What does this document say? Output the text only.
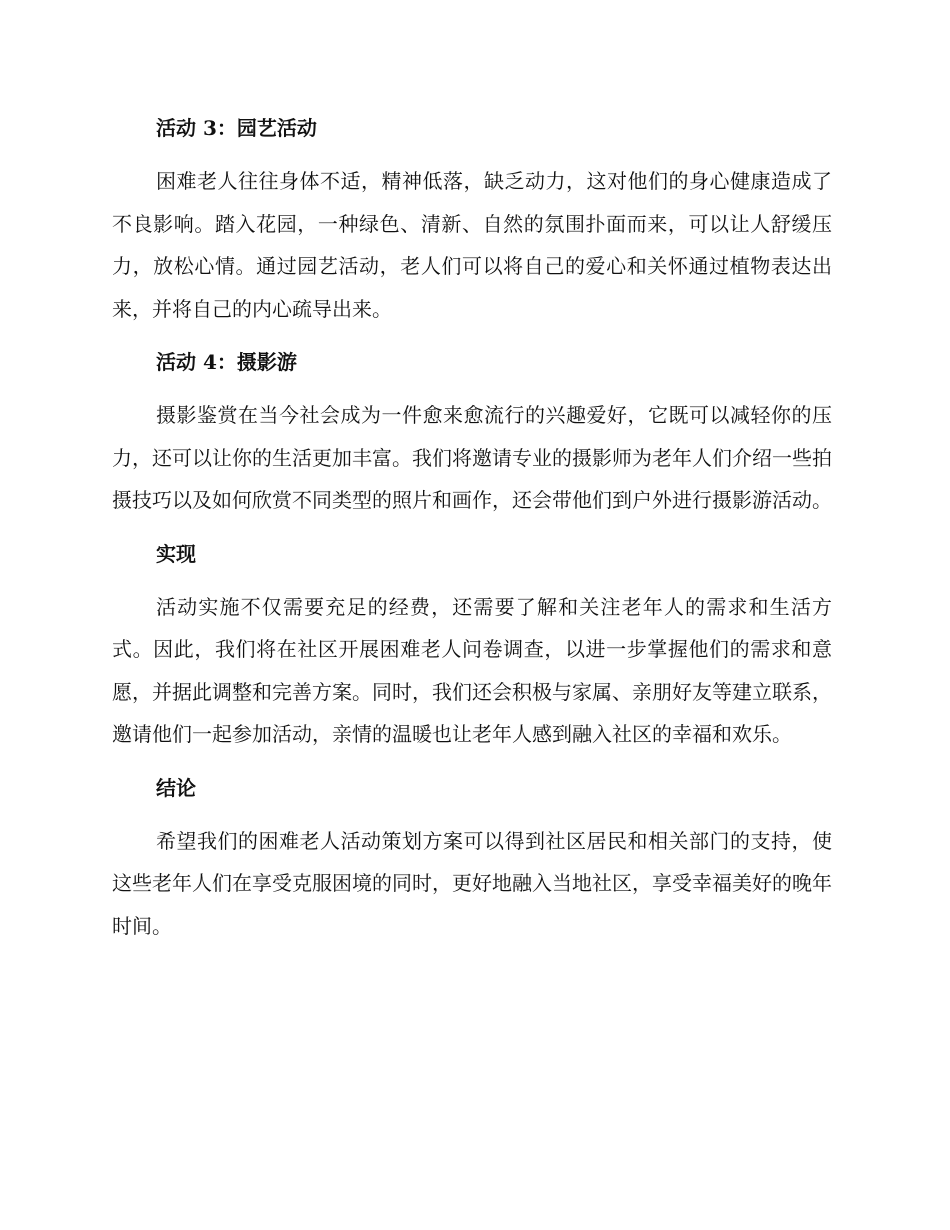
活动 3：园艺活动

困难老人往往身体不适，精神低落，缺乏动力，这对他们的身心健康造成了不良影响。踏入花园，一种绿色、清新、自然的氛围扑面而来，可以让人舒缓压力，放松心情。通过园艺活动，老人们可以将自己的爱心和关怀通过植物表达出来，并将自己的内心疏导出来。

活动 4：摄影游

摄影鉴赏在当今社会成为一件愈来愈流行的兴趣爱好，它既可以减轻你的压力，还可以让你的生活更加丰富。我们将邀请专业的摄影师为老年人们介绍一些拍摄技巧以及如何欣赏不同类型的照片和画作，还会带他们到户外进行摄影游活动。

实现

活动实施不仅需要充足的经费，还需要了解和关注老年人的需求和生活方式。因此，我们将在社区开展困难老人问卷调查，以进一步掌握他们的需求和意愿，并据此调整和完善方案。同时，我们还会积极与家属、亲朋好友等建立联系，邀请他们一起参加活动，亲情的温暖也让老年人感到融入社区的幸福和欢乐。

结论

希望我们的困难老人活动策划方案可以得到社区居民和相关部门的支持，使这些老年人们在享受克服困境的同时，更好地融入当地社区，享受幸福美好的晚年时间。
